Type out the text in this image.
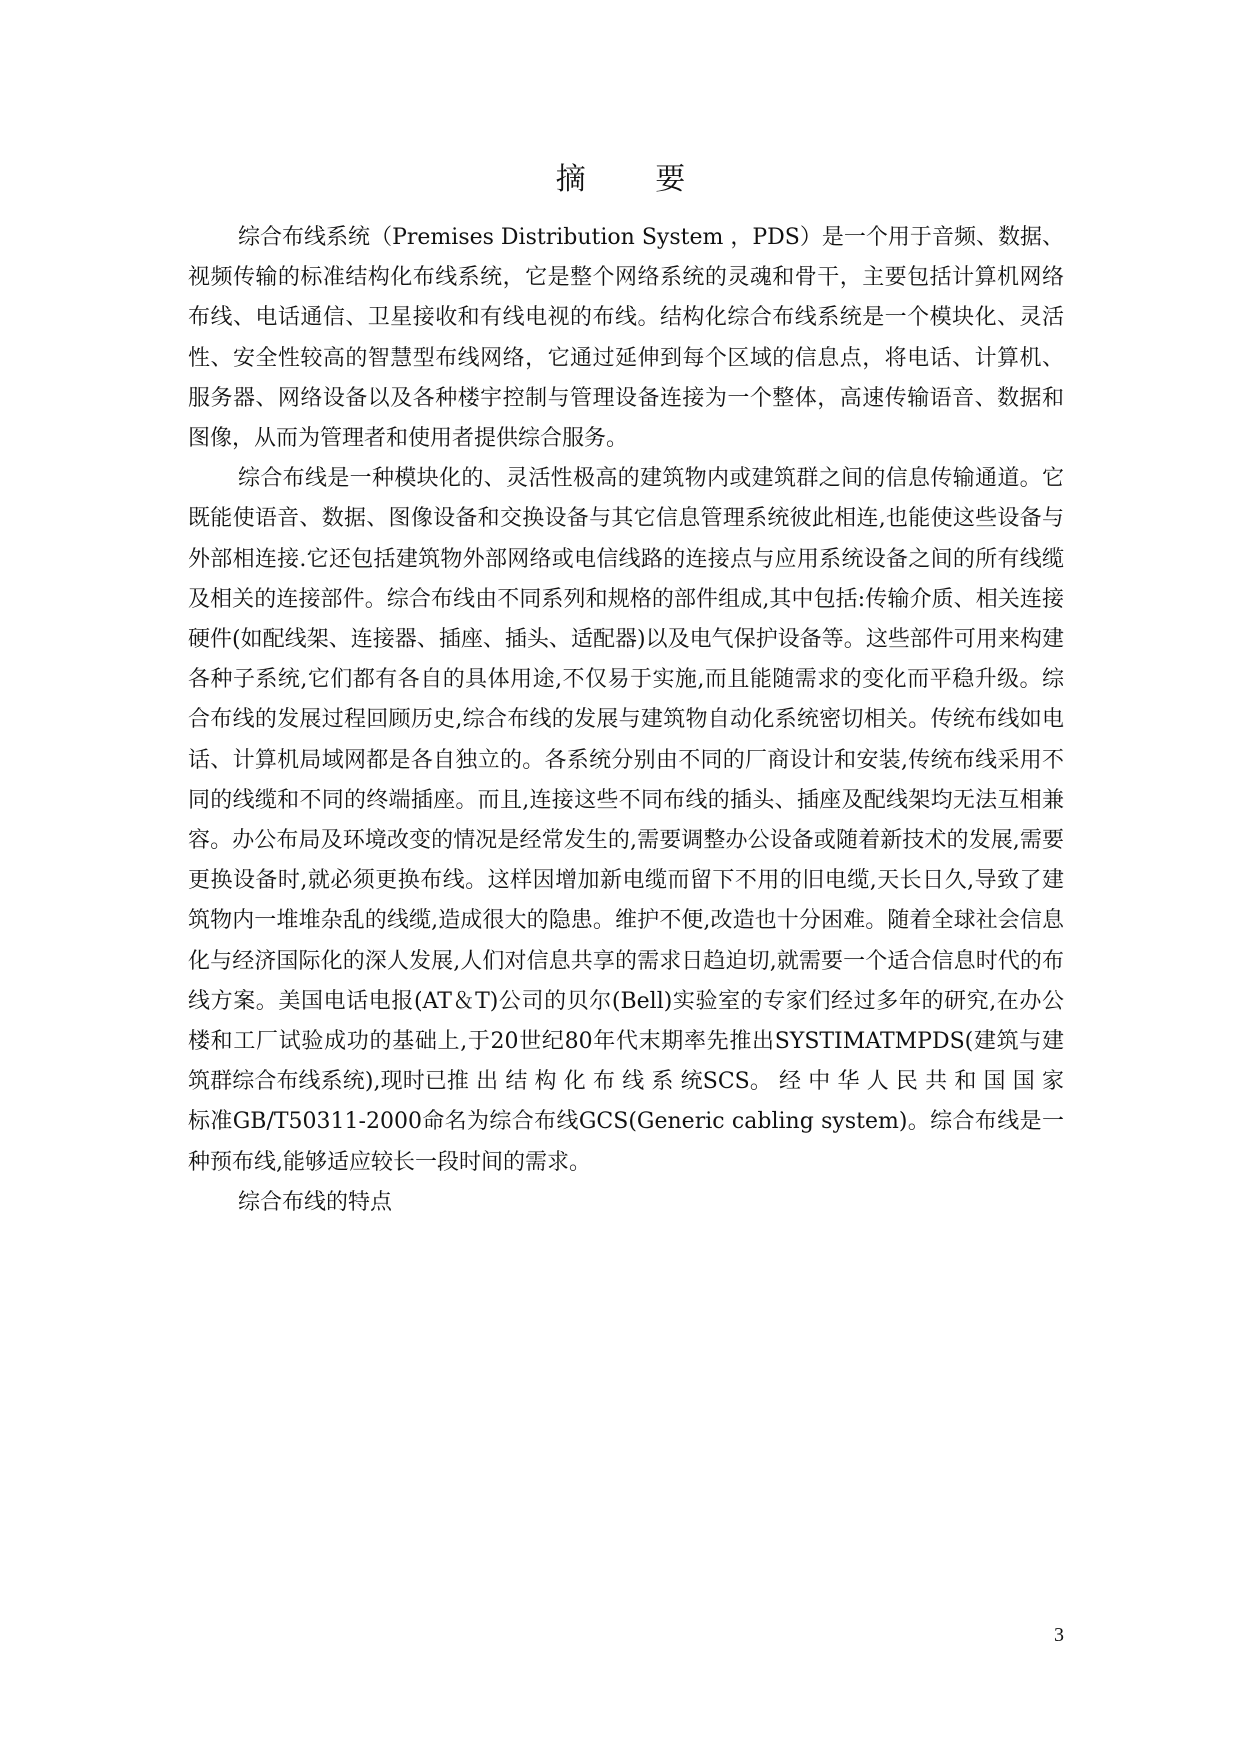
摘 要

综合布线系统（Premises Distribution System ，PDS）是一个用于音频、数据、视频传输的标准结构化布线系统，它是整个网络系统的灵魂和骨干，主要包括计算机网络布线、电话通信、卫星接收和有线电视的布线。结构化综合布线系统是一个模块化、灵活性、安全性较高的智慧型布线网络，它通过延伸到每个区域的信息点，将电话、计算机、服务器、网络设备以及各种楼宇控制与管理设备连接为一个整体，高速传输语音、数据和图像，从而为管理者和使用者提供综合服务。

综合布线是一种模块化的、灵活性极高的建筑物内或建筑群之间的信息传输通道。它既能使语音、数据、图像设备和交换设备与其它信息管理系统彼此相连,也能使这些设备与外部相连接.它还包括建筑物外部网络或电信线路的连接点与应用系统设备之间的所有线缆及相关的连接部件。综合布线由不同系列和规格的部件组成,其中包括:传输介质、相关连接硬件(如配线架、连接器、插座、插头、适配器)以及电气保护设备等。这些部件可用来构建各种子系统,它们都有各自的具体用途,不仅易于实施,而且能随需求的变化而平稳升级。综合布线的发展过程回顾历史,综合布线的发展与建筑物自动化系统密切相关。传统布线如电话、计算机局域网都是各自独立的。各系统分别由不同的厂商设计和安装,传统布线采用不同的线缆和不同的终端插座。而且,连接这些不同布线的插头、插座及配线架均无法互相兼容。办公布局及环境改变的情况是经常发生的,需要调整办公设备或随着新技术的发展,需要更换设备时,就必须更换布线。这样因增加新电缆而留下不用的旧电缆,天长日久,导致了建筑物内一堆堆杂乱的线缆,造成很大的隐患。维护不便,改造也十分困难。随着全球社会信息化与经济国际化的深人发展,人们对信息共享的需求日趋迫切,就需要一个适合信息时代的布线方案。美国电话电报(AT＆T)公司的贝尔(Bell)实验室的专家们经过多年的研究,在办公楼和工厂试验成功的基础上,于20世纪80年代末期率先推出SYSTIMATMPDS(建筑与建筑群综合布线系统),现时已推 出 结 构 化 布 线 系 统SCS。 经 中 华 人 民 共 和 国 国 家 标准GB/T50311-2000命名为综合布线GCS(Generic cabling system)。综合布线是一种预布线,能够适应较长一段时间的需求。

综合布线的特点

3
